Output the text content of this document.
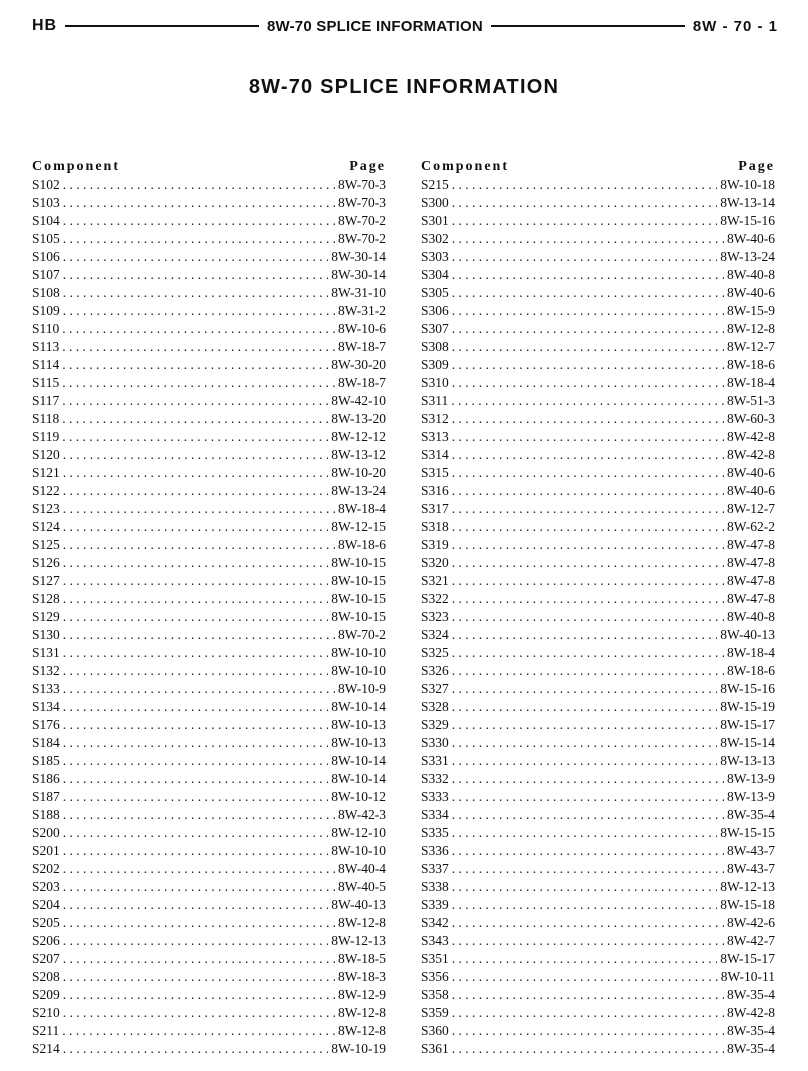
HB	8W-70 SPLICE INFORMATION	8W - 70 - 1
8W-70 SPLICE INFORMATION
Component	Page
S102 . . .	8W-70-3
S103 . . .	8W-70-3
S104 . . .	8W-70-2
S105 . . .	8W-70-2
S106 . . .	8W-30-14
S107 . . .	8W-30-14
S108 . . .	8W-31-10
S109 . . .	8W-31-2
S110 . . .	8W-10-6
S113 . . .	8W-18-7
S114 . . .	8W-30-20
S115 . . .	8W-18-7
S117 . . .	8W-42-10
S118 . . .	8W-13-20
S119 . . .	8W-12-12
S120 . . .	8W-13-12
S121 . . .	8W-10-20
S122 . . .	8W-13-24
S123 . . .	8W-18-4
S124 . . .	8W-12-15
S125 . . .	8W-18-6
S126 . . .	8W-10-15
S127 . . .	8W-10-15
S128 . . .	8W-10-15
S129 . . .	8W-10-15
S130 . . .	8W-70-2
S131 . . .	8W-10-10
S132 . . .	8W-10-10
S133 . . .	8W-10-9
S134 . . .	8W-10-14
S176 . . .	8W-10-13
S184 . . .	8W-10-13
S185 . . .	8W-10-14
S186 . . .	8W-10-14
S187 . . .	8W-10-12
S188 . . .	8W-42-3
S200 . . .	8W-12-10
S201 . . .	8W-10-10
S202 . . .	8W-40-4
S203 . . .	8W-40-5
S204 . . .	8W-40-13
S205 . . .	8W-12-8
S206 . . .	8W-12-13
S207 . . .	8W-18-5
S208 . . .	8W-18-3
S209 . . .	8W-12-9
S210 . . .	8W-12-8
S211 . . .	8W-12-8
S214 . . .	8W-10-19
Component	Page
S215 . . .	8W-10-18
S300 . . .	8W-13-14
S301 . . .	8W-15-16
S302 . . .	8W-40-6
S303 . . .	8W-13-24
S304 . . .	8W-40-8
S305 . . .	8W-40-6
S306 . . .	8W-15-9
S307 . . .	8W-12-8
S308 . . .	8W-12-7
S309 . . .	8W-18-6
S310 . . .	8W-18-4
S311 . . .	8W-51-3
S312 . . .	8W-60-3
S313 . . .	8W-42-8
S314 . . .	8W-42-8
S315 . . .	8W-40-6
S316 . . .	8W-40-6
S317 . . .	8W-12-7
S318 . . .	8W-62-2
S319 . . .	8W-47-8
S320 . . .	8W-47-8
S321 . . .	8W-47-8
S322 . . .	8W-47-8
S323 . . .	8W-40-8
S324 . . .	8W-40-13
S325 . . .	8W-18-4
S326 . . .	8W-18-6
S327 . . .	8W-15-16
S328 . . .	8W-15-19
S329 . . .	8W-15-17
S330 . . .	8W-15-14
S331 . . .	8W-13-13
S332 . . .	8W-13-9
S333 . . .	8W-13-9
S334 . . .	8W-35-4
S335 . . .	8W-15-15
S336 . . .	8W-43-7
S337 . . .	8W-43-7
S338 . . .	8W-12-13
S339 . . .	8W-15-18
S342 . . .	8W-42-6
S343 . . .	8W-42-7
S351 . . .	8W-15-17
S356 . . .	8W-10-11
S358 . . .	8W-35-4
S359 . . .	8W-42-8
S360 . . .	8W-35-4
S361 . . .	8W-35-4
